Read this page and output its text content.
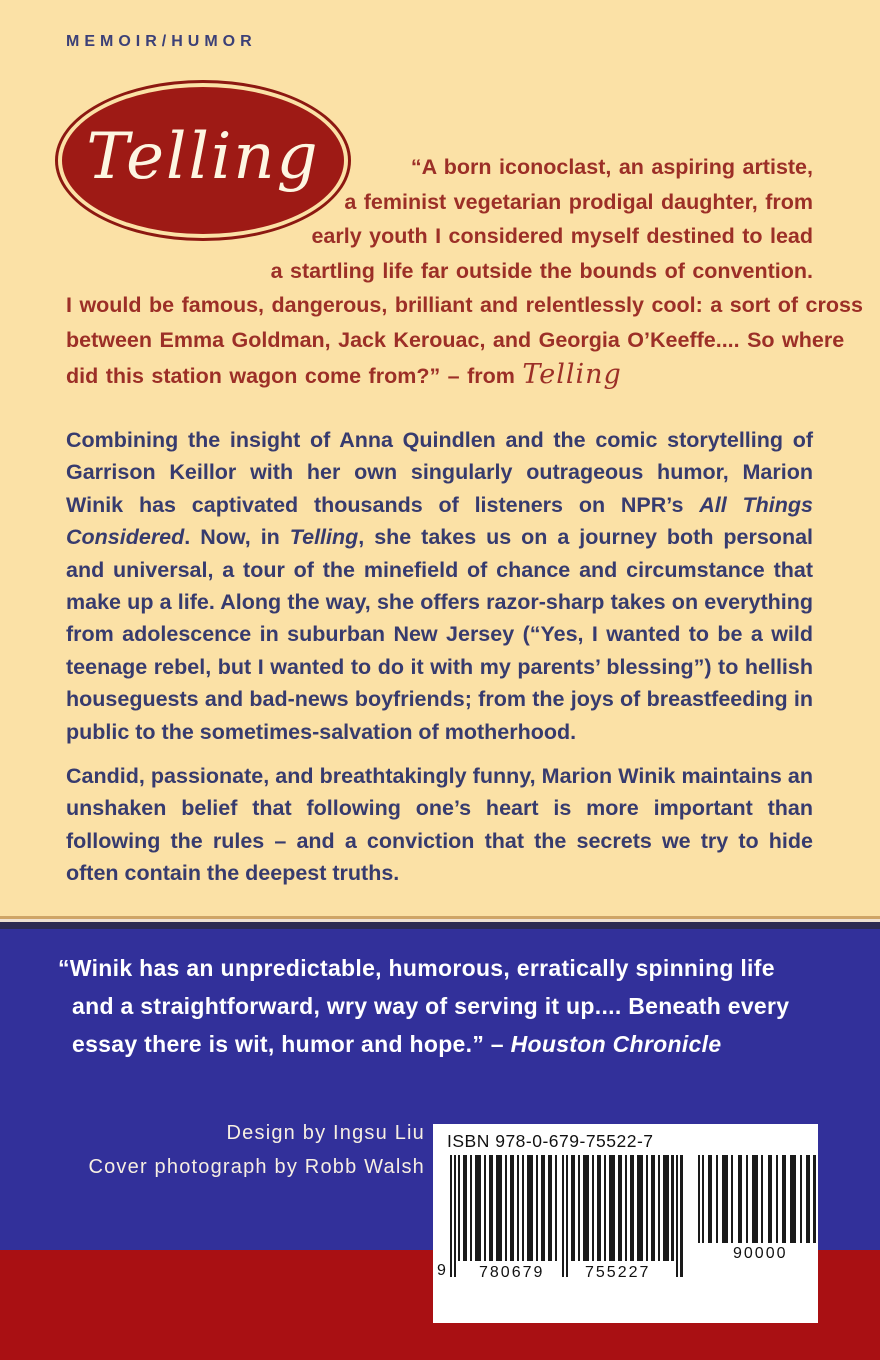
MEMOIR/HUMOR
Telling	“A born iconoclast, an aspiring artiste,
a feminist vegetarian prodigal daughter, from
early youth I considered myself destined to lead
a startling life far outside the bounds of convention.
I would be famous, dangerous, brilliant and relentlessly cool: a sort of cross
between Emma Goldman, Jack Kerouac, and Georgia O’Keeffe.... So where
did this station wagon come from?” – from Telling

Combining the insight of Anna Quindlen and the comic storytelling of Garrison Keillor with her own singularly outrageous humor, Marion Winik has captivated thousands of listeners on NPR’s All Things Considered. Now, in Telling, she takes us on a journey both personal and universal, a tour of the minefield of chance and circumstance that make up a life. Along the way, she offers razor-sharp takes on everything from adolescence in suburban New Jersey (“Yes, I wanted to be a wild teenage rebel, but I wanted to do it with my parents’ blessing”) to hellish houseguests and bad-news boyfriends; from the joys of breastfeeding in public to the sometimes-salvation of motherhood.

Candid, passionate, and breathtakingly funny, Marion Winik maintains an unshaken belief that following one’s heart is more important than following the rules – and a conviction that the secrets we try to hide often contain the deepest truths.

“Winik has an unpredictable, humorous, erratically spinning life and a straightforward, wry way of serving it up.... Beneath every essay there is wit, humor and hope.” – Houston Chronicle

Design by Ingsu Liu
Cover photograph by Robb Walsh
ISBN 978-0-679-75522-7
9 780679	755227
90000
